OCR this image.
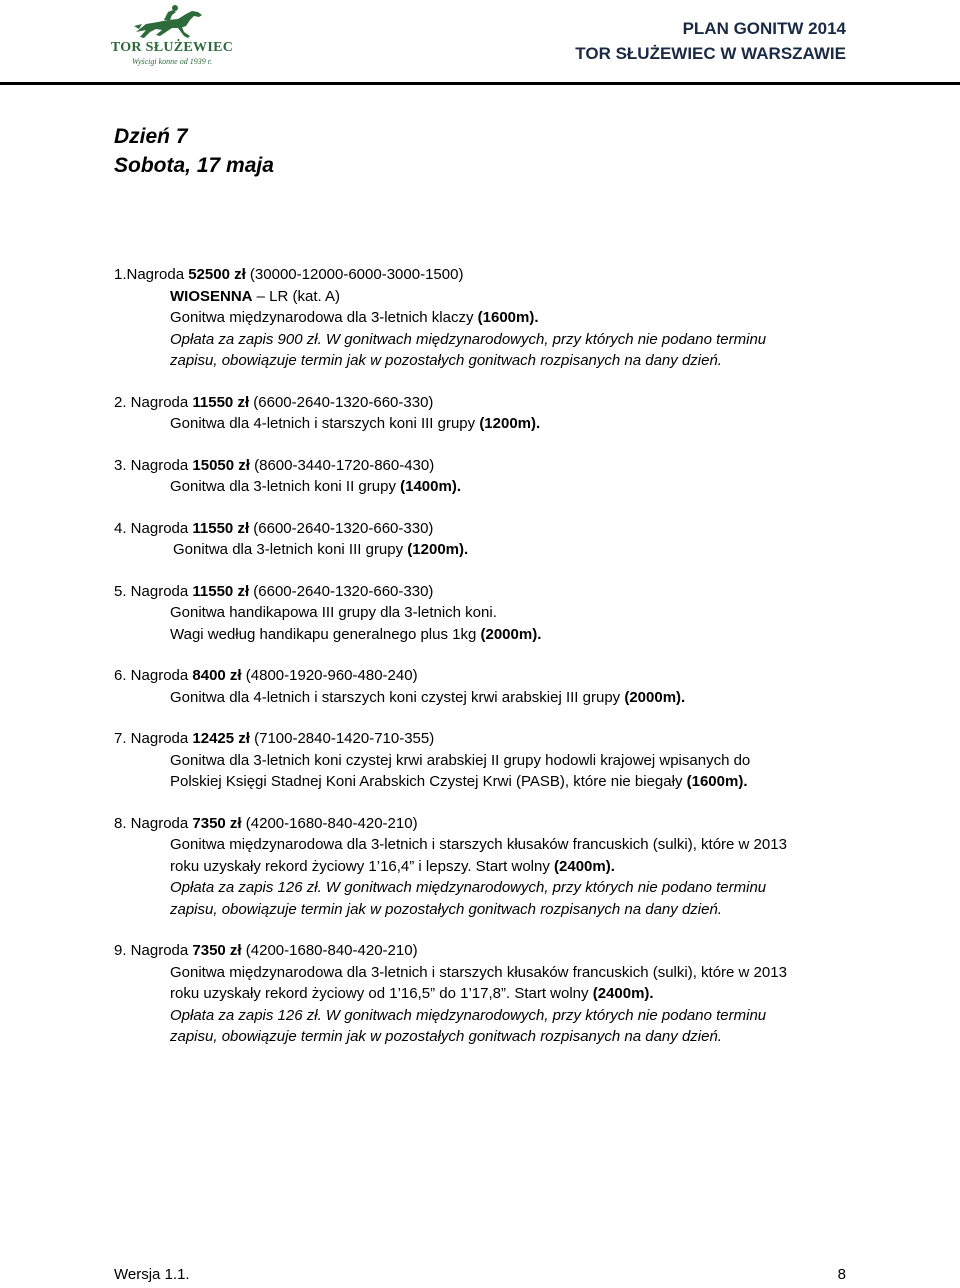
TOR SŁUŻEWIEC
Wyścigi konne od 1939 r.
PLAN GONITW 2014
TOR SŁUŻEWIEC W WARSZAWIE
Dzień 7
Sobota, 17 maja
1.Nagroda 52500 zł (30000-12000-6000-3000-1500)
WIOSENNA – LR (kat. A)
Gonitwa międzynarodowa dla 3-letnich klaczy (1600m).
Opłata za zapis 900 zł. W gonitwach międzynarodowych, przy których nie podano terminu
zapisu, obowiązuje termin jak w pozostałych gonitwach rozpisanych na dany dzień.
2. Nagroda 11550 zł (6600-2640-1320-660-330)
Gonitwa dla 4-letnich i starszych koni III grupy (1200m).
3. Nagroda 15050 zł (8600-3440-1720-860-430)
Gonitwa dla 3-letnich koni II grupy (1400m).
4. Nagroda 11550 zł (6600-2640-1320-660-330)
Gonitwa dla 3-letnich koni III grupy (1200m).
5. Nagroda 11550 zł (6600-2640-1320-660-330)
Gonitwa handikapowa III grupy dla 3-letnich koni.
Wagi według handikapu generalnego plus 1kg (2000m).
6. Nagroda 8400 zł (4800-1920-960-480-240)
Gonitwa dla 4-letnich i starszych koni czystej krwi arabskiej III grupy (2000m).
7. Nagroda 12425 zł (7100-2840-1420-710-355)
Gonitwa dla 3-letnich koni czystej krwi arabskiej II grupy hodowli krajowej wpisanych do
Polskiej Księgi Stadnej Koni Arabskich Czystej Krwi (PASB), które nie biegały (1600m).
8. Nagroda 7350 zł (4200-1680-840-420-210)
Gonitwa międzynarodowa dla 3-letnich i starszych kłusaków francuskich (sulki), które w 2013
roku uzyskały rekord życiowy 1’16,4” i lepszy. Start wolny (2400m).
Opłata za zapis 126 zł. W gonitwach międzynarodowych, przy których nie podano terminu
zapisu, obowiązuje termin jak w pozostałych gonitwach rozpisanych na dany dzień.
9. Nagroda 7350 zł (4200-1680-840-420-210)
Gonitwa międzynarodowa dla 3-letnich i starszych kłusaków francuskich (sulki), które w 2013
roku uzyskały rekord życiowy od 1’16,5” do 1’17,8”. Start wolny (2400m).
Opłata za zapis 126 zł. W gonitwach międzynarodowych, przy których nie podano terminu
zapisu, obowiązuje termin jak w pozostałych gonitwach rozpisanych na dany dzień.
Wersja 1.1.	8
